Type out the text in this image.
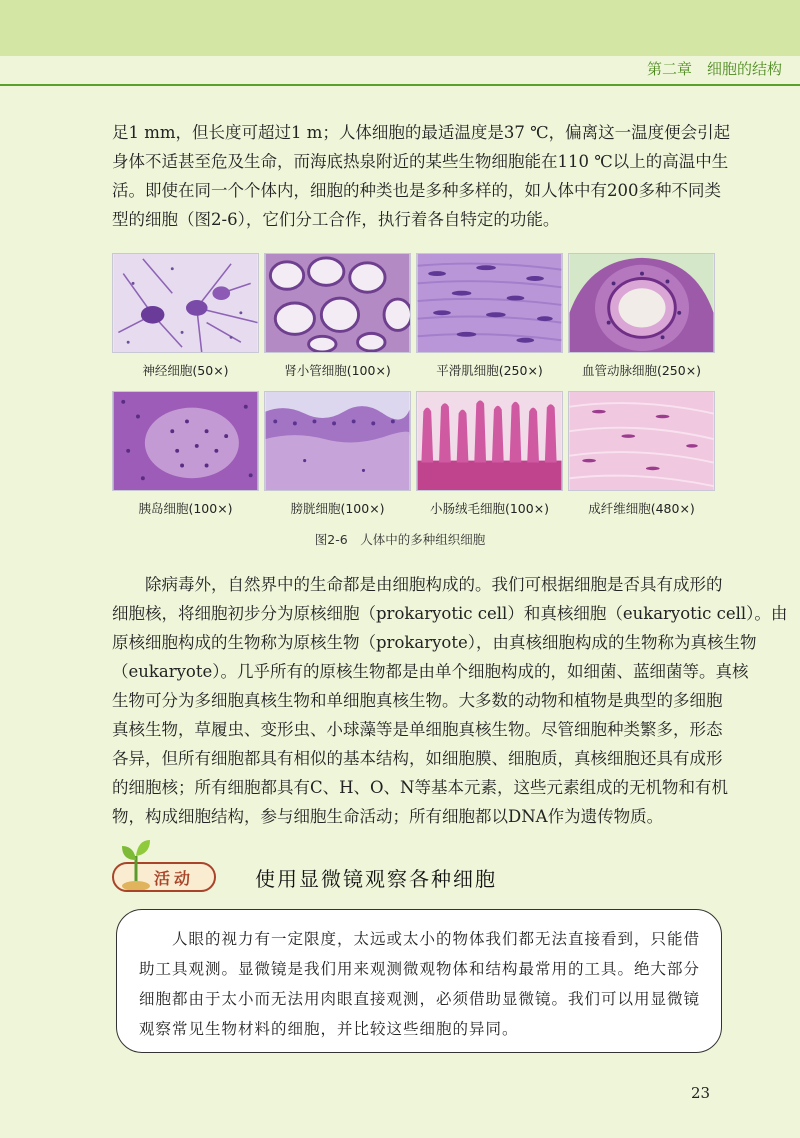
第二章　细胞的结构
足1 mm，但长度可超过1 m；人体细胞的最适温度是37 ℃，偏离这一温度便会引起
身体不适甚至危及生命，而海底热泉附近的某些生物细胞能在110 ℃以上的高温中生
活。即使在同一个个体内，细胞的种类也是多种多样的，如人体中有200多种不同类
型的细胞（图2-6），它们分工合作，执行着各自特定的功能。
神经细胞(50×)	肾小管细胞(100×)	平滑肌细胞(250×)	血管动脉细胞(250×)
胰岛细胞(100×)	膀胱细胞(100×)	小肠绒毛细胞(100×)	成纤维细胞(480×)
图2-6　人体中的多种组织细胞
除病毒外，自然界中的生命都是由细胞构成的。我们可根据细胞是否具有成形的
细胞核，将细胞初步分为原核细胞（prokaryotic cell）和真核细胞（eukaryotic cell）。由
原核细胞构成的生物称为原核生物（prokaryote），由真核细胞构成的生物称为真核生物
（eukaryote）。几乎所有的原核生物都是由单个细胞构成的，如细菌、蓝细菌等。真核
生物可分为多细胞真核生物和单细胞真核生物。大多数的动物和植物是典型的多细胞
真核生物，草履虫、变形虫、小球藻等是单细胞真核生物。尽管细胞种类繁多，形态
各异，但所有细胞都具有相似的基本结构，如细胞膜、细胞质，真核细胞还具有成形
的细胞核；所有细胞都具有C、H、O、N等基本元素，这些元素组成的无机物和有机
物，构成细胞结构，参与细胞生命活动；所有细胞都以DNA作为遗传物质。
活动	使用显微镜观察各种细胞
人眼的视力有一定限度，太远或太小的物体我们都无法直接看到，只能借
助工具观测。显微镜是我们用来观测微观物体和结构最常用的工具。绝大部分
细胞都由于太小而无法用肉眼直接观测，必须借助显微镜。我们可以用显微镜
观察常见生物材料的细胞，并比较这些细胞的异同。
23
